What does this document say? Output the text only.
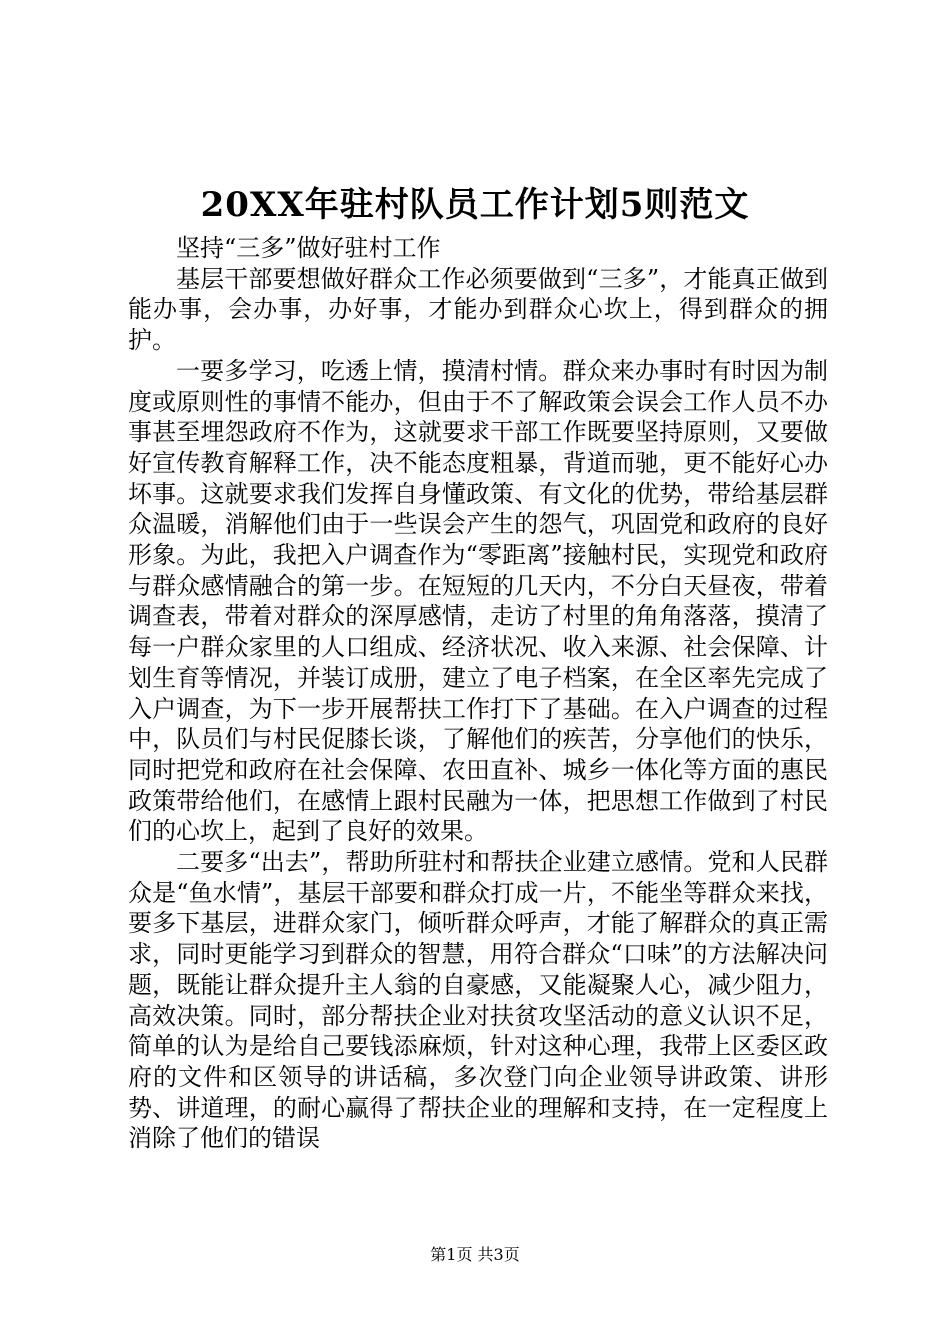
20XX年驻村队员工作计划5则范文

坚持“三多”做好驻村工作

基层干部要想做好群众工作必须要做到“三多”，才能真正做到能办事，会办事，办好事，才能办到群众心坎上，得到群众的拥护。

一要多学习，吃透上情，摸清村情。群众来办事时有时因为制度或原则性的事情不能办，但由于不了解政策会误会工作人员不办事甚至埋怨政府不作为，这就要求干部工作既要坚持原则，又要做好宣传教育解释工作，决不能态度粗暴，背道而驰，更不能好心办坏事。这就要求我们发挥自身懂政策、有文化的优势，带给基层群众温暖，消解他们由于一些误会产生的怨气，巩固党和政府的良好形象。为此，我把入户调查作为“零距离”接触村民，实现党和政府与群众感情融合的第一步。在短短的几天内，不分白天昼夜，带着调查表，带着对群众的深厚感情，走访了村里的角角落落，摸清了每一户群众家里的人口组成、经济状况、收入来源、社会保障、计划生育等情况，并装订成册，建立了电子档案，在全区率先完成了入户调查，为下一步开展帮扶工作打下了基础。在入户调查的过程中，队员们与村民促膝长谈，了解他们的疾苦，分享他们的快乐，同时把党和政府在社会保障、农田直补、城乡一体化等方面的惠民政策带给他们，在感情上跟村民融为一体，把思想工作做到了村民们的心坎上，起到了良好的效果。

二要多“出去”，帮助所驻村和帮扶企业建立感情。党和人民群众是“鱼水情”，基层干部要和群众打成一片，不能坐等群众来找，要多下基层，进群众家门，倾听群众呼声，才能了解群众的真正需求，同时更能学习到群众的智慧，用符合群众“口味”的方法解决问题，既能让群众提升主人翁的自豪感，又能凝聚人心，减少阻力，高效决策。同时，部分帮扶企业对扶贫攻坚活动的意义认识不足，简单的认为是给自己要钱添麻烦，针对这种心理，我带上区委区政府的文件和区领导的讲话稿，多次登门向企业领导讲政策、讲形势、讲道理，的耐心赢得了帮扶企业的理解和支持，在一定程度上消除了他们的错误

第1页 共3页
